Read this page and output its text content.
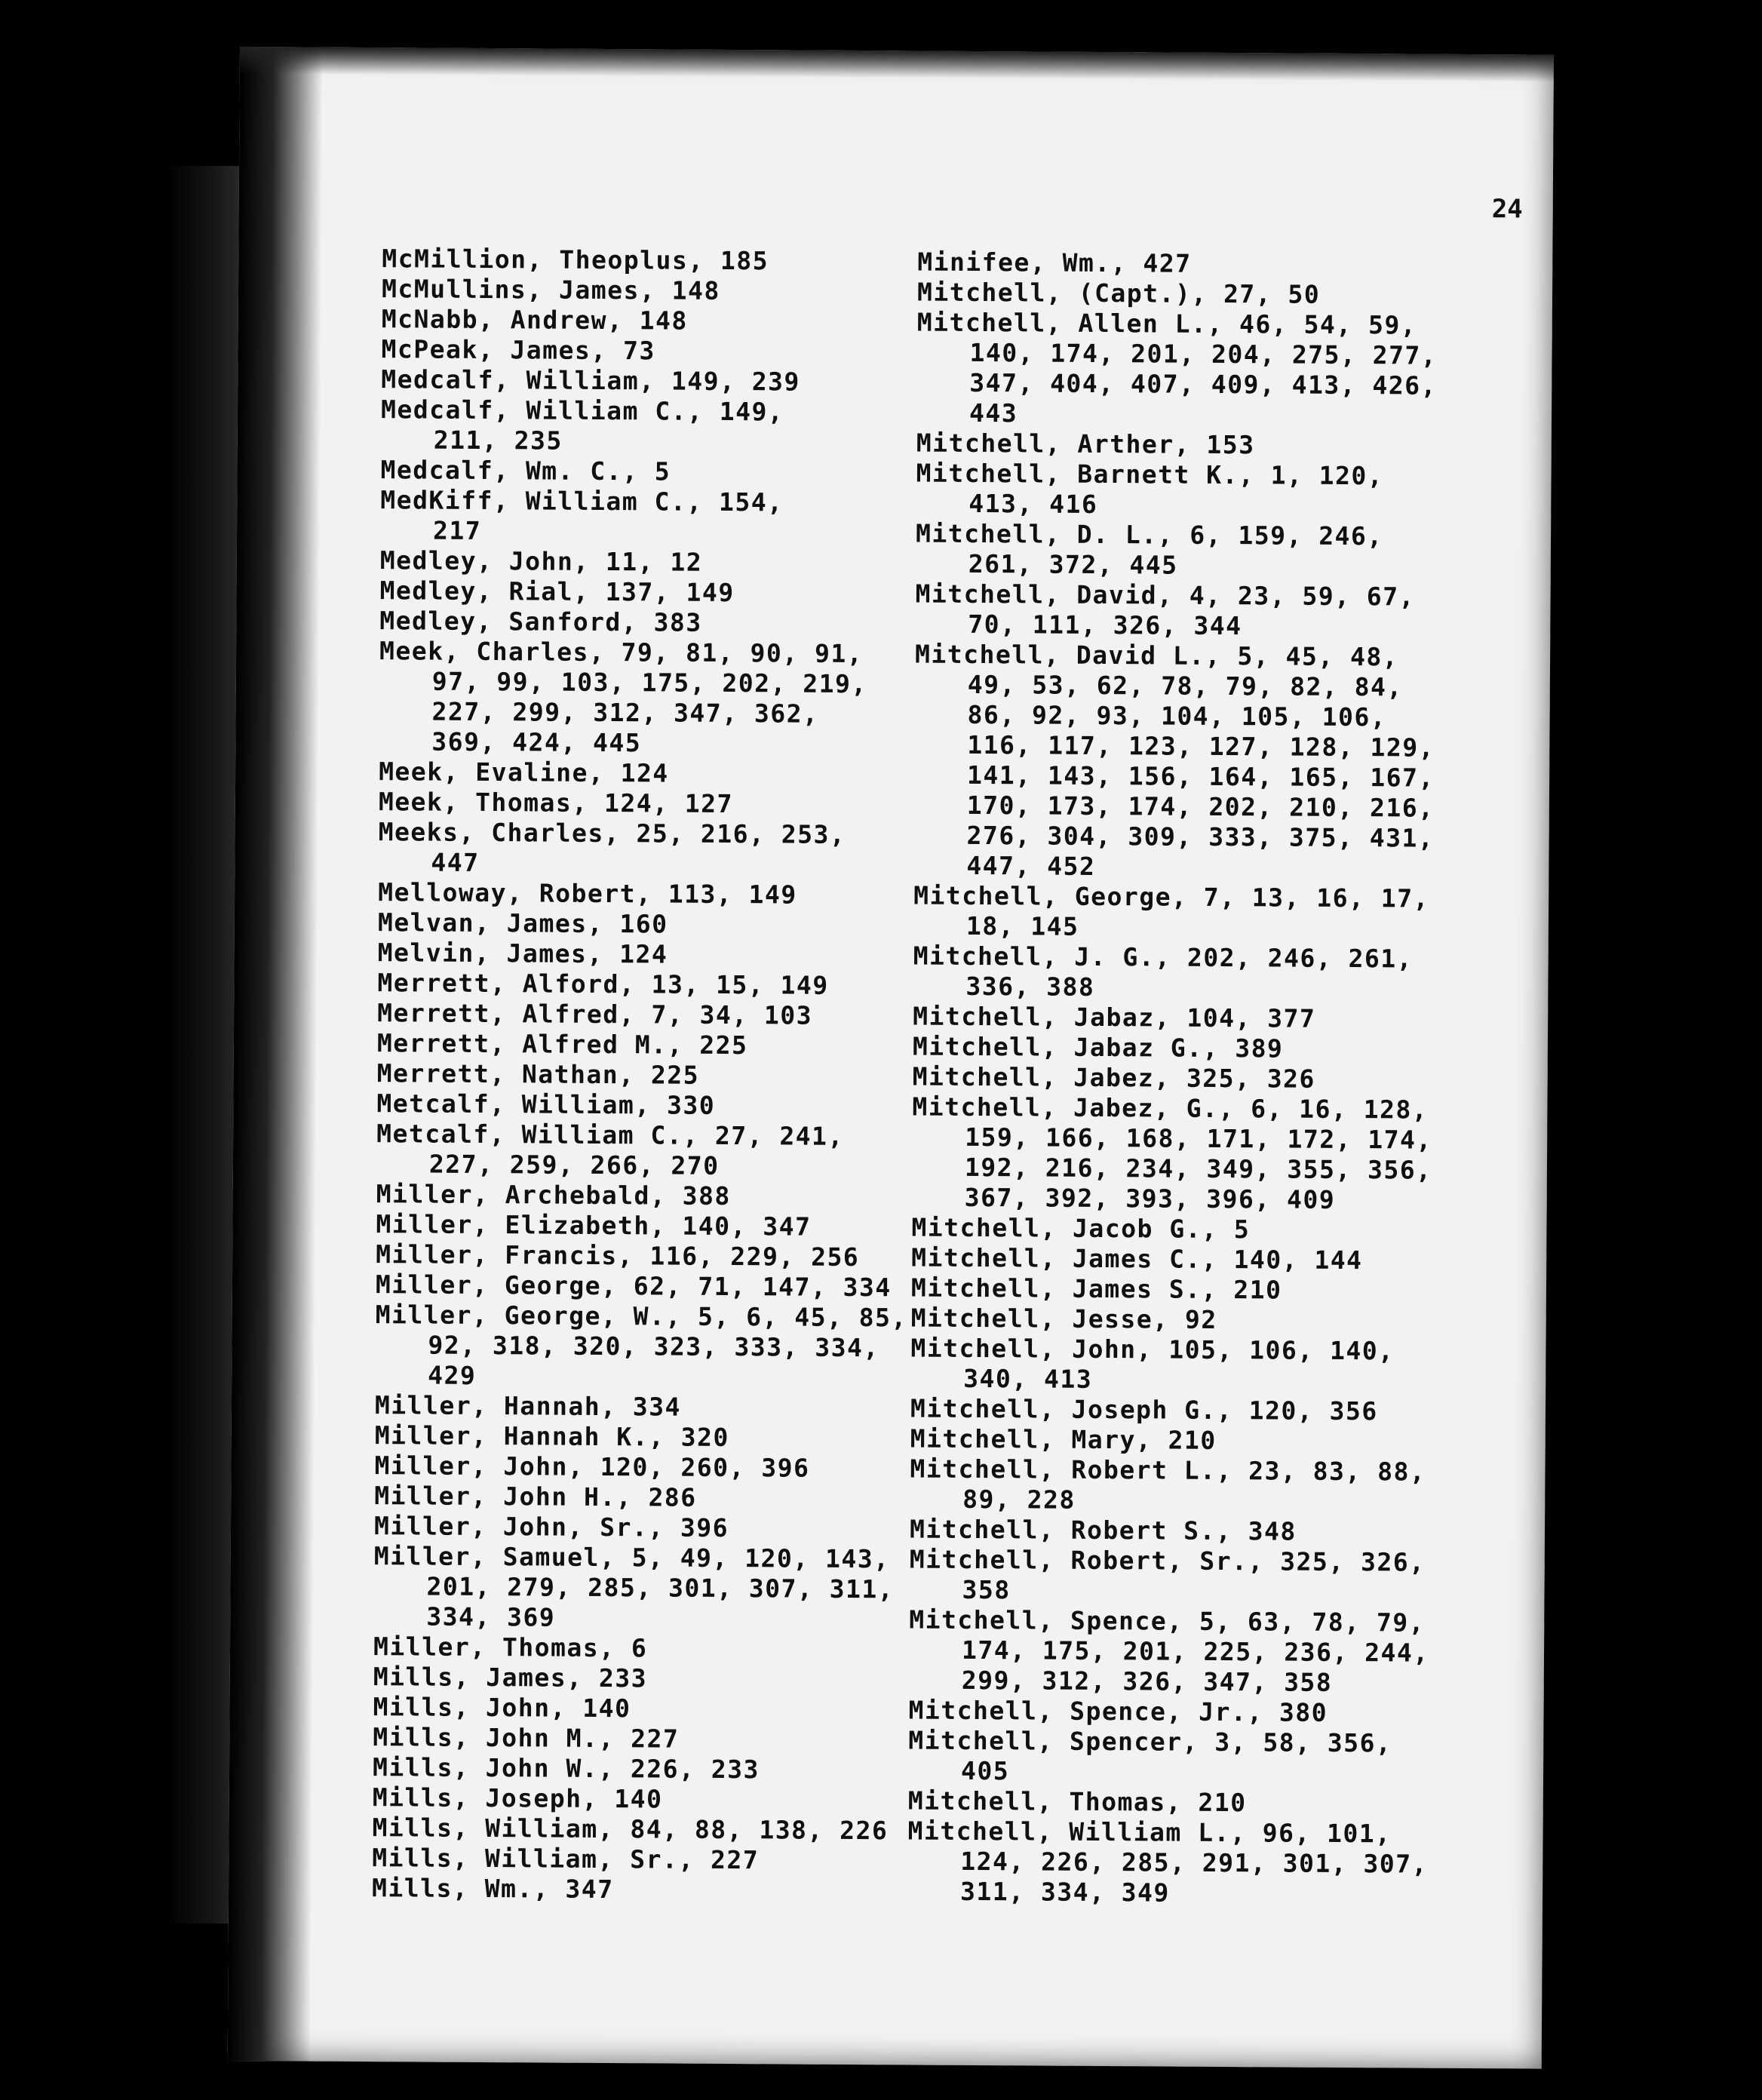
24
McMillion, Theoplus, 185
McMullins, James, 148
McNabb, Andrew, 148
McPeak, James, 73
Medcalf, William, 149, 239
Medcalf, William C., 149,
211, 235
Medcalf, Wm. C., 5
MedKiff, William C., 154,
217
Medley, John, 11, 12
Medley, Rial, 137, 149
Medley, Sanford, 383
Meek, Charles, 79, 81, 90, 91,
97, 99, 103, 175, 202, 219,
227, 299, 312, 347, 362,
369, 424, 445
Meek, Evaline, 124
Meek, Thomas, 124, 127
Meeks, Charles, 25, 216, 253,
447
Melloway, Robert, 113, 149
Melvan, James, 160
Melvin, James, 124
Merrett, Alford, 13, 15, 149
Merrett, Alfred, 7, 34, 103
Merrett, Alfred M., 225
Merrett, Nathan, 225
Metcalf, William, 330
Metcalf, William C., 27, 241,
227, 259, 266, 270
Miller, Archebald, 388
Miller, Elizabeth, 140, 347
Miller, Francis, 116, 229, 256
Miller, George, 62, 71, 147, 334
Miller, George, W., 5, 6, 45, 85,
92, 318, 320, 323, 333, 334,
429
Miller, Hannah, 334
Miller, Hannah K., 320
Miller, John, 120, 260, 396
Miller, John H., 286
Miller, John, Sr., 396
Miller, Samuel, 5, 49, 120, 143,
201, 279, 285, 301, 307, 311,
334, 369
Miller, Thomas, 6
Mills, James, 233
Mills, John, 140
Mills, John M., 227
Mills, John W., 226, 233
Mills, Joseph, 140
Mills, William, 84, 88, 138, 226
Mills, William, Sr., 227
Mills, Wm., 347
Minifee, Wm., 427
Mitchell, (Capt.), 27, 50
Mitchell, Allen L., 46, 54, 59,
140, 174, 201, 204, 275, 277,
347, 404, 407, 409, 413, 426,
443
Mitchell, Arther, 153
Mitchell, Barnett K., 1, 120,
413, 416
Mitchell, D. L., 6, 159, 246,
261, 372, 445
Mitchell, David, 4, 23, 59, 67,
70, 111, 326, 344
Mitchell, David L., 5, 45, 48,
49, 53, 62, 78, 79, 82, 84,
86, 92, 93, 104, 105, 106,
116, 117, 123, 127, 128, 129,
141, 143, 156, 164, 165, 167,
170, 173, 174, 202, 210, 216,
276, 304, 309, 333, 375, 431,
447, 452
Mitchell, George, 7, 13, 16, 17,
18, 145
Mitchell, J. G., 202, 246, 261,
336, 388
Mitchell, Jabaz, 104, 377
Mitchell, Jabaz G., 389
Mitchell, Jabez, 325, 326
Mitchell, Jabez, G., 6, 16, 128,
159, 166, 168, 171, 172, 174,
192, 216, 234, 349, 355, 356,
367, 392, 393, 396, 409
Mitchell, Jacob G., 5
Mitchell, James C., 140, 144
Mitchell, James S., 210
Mitchell, Jesse, 92
Mitchell, John, 105, 106, 140,
340, 413
Mitchell, Joseph G., 120, 356
Mitchell, Mary, 210
Mitchell, Robert L., 23, 83, 88,
89, 228
Mitchell, Robert S., 348
Mitchell, Robert, Sr., 325, 326,
358
Mitchell, Spence, 5, 63, 78, 79,
174, 175, 201, 225, 236, 244,
299, 312, 326, 347, 358
Mitchell, Spence, Jr., 380
Mitchell, Spencer, 3, 58, 356,
405
Mitchell, Thomas, 210
Mitchell, William L., 96, 101,
124, 226, 285, 291, 301, 307,
311, 334, 349
